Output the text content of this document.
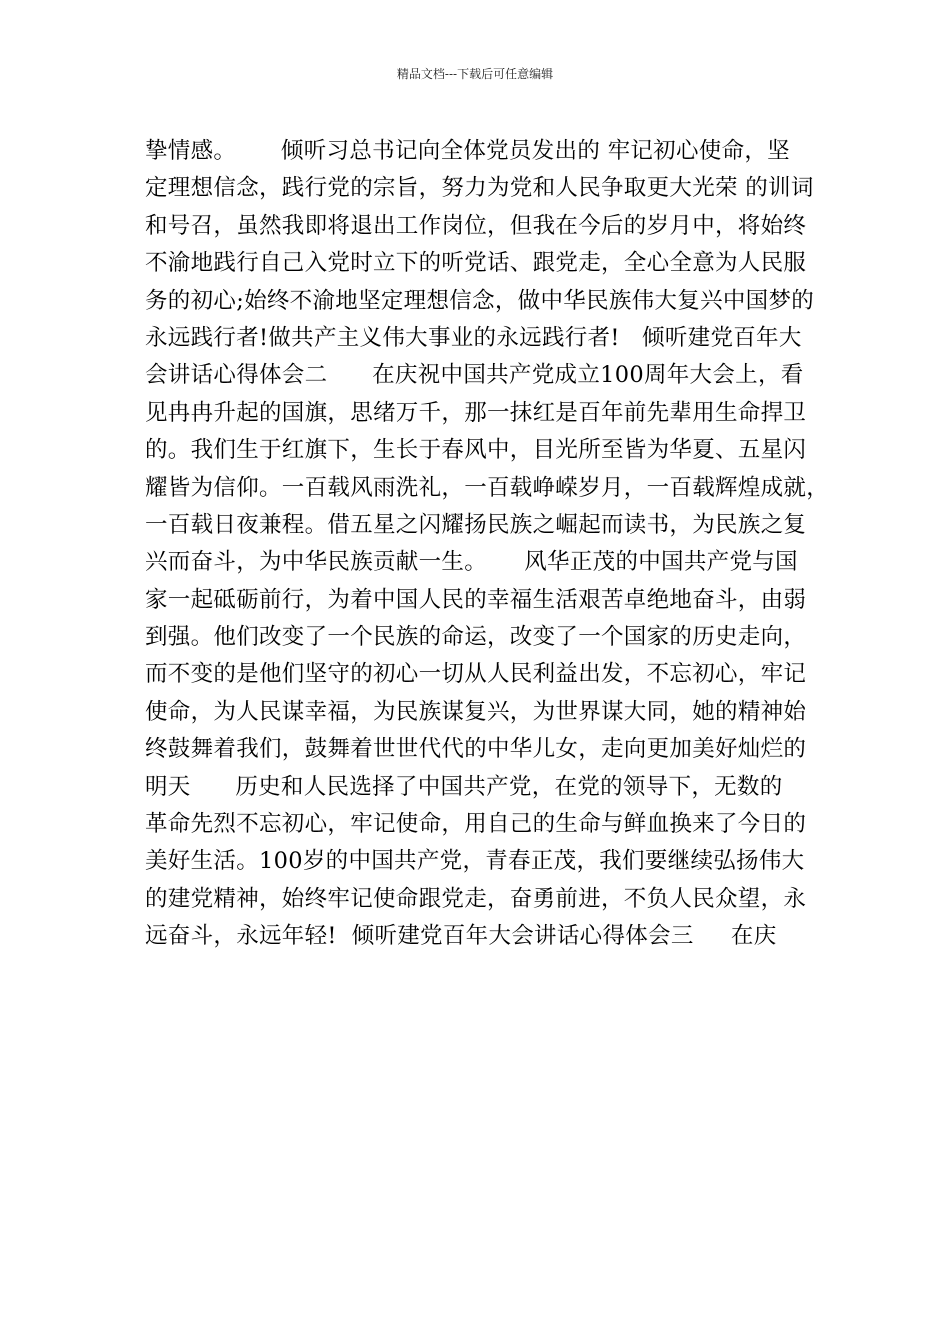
精品文档---下载后可任意编辑
挚情感。      倾听习总书记向全体党员发出的 牢记初心使命，坚
定理想信念，践行党的宗旨，努力为党和人民争取更大光荣 的训词
和号召，虽然我即将退出工作岗位，但我在今后的岁月中，将始终
不渝地践行自己入党时立下的听党话、跟党走，全心全意为人民服
务的初心;始终不渝地坚定理想信念，做中华民族伟大复兴中国梦的
永远践行者!做共产主义伟大事业的永远践行者!   倾听建党百年大
会讲话心得体会二      在庆祝中国共产党成立100周年大会上，看
见冉冉升起的国旗，思绪万千，那一抹红是百年前先辈用生命捍卫
的。我们生于红旗下，生长于春风中，目光所至皆为华夏、五星闪
耀皆为信仰。一百载风雨洗礼，一百载峥嵘岁月，一百载辉煌成就，
一百载日夜兼程。借五星之闪耀扬民族之崛起而读书，为民族之复
兴而奋斗，为中华民族贡献一生。     风华正茂的中国共产党与国
家一起砥砺前行，为着中国人民的幸福生活艰苦卓绝地奋斗，由弱
到强。他们改变了一个民族的命运，改变了一个国家的历史走向，
而不变的是他们坚守的初心一切从人民利益出发，不忘初心，牢记
使命，为人民谋幸福，为民族谋复兴，为世界谋大同，她的精神始
终鼓舞着我们，鼓舞着世世代代的中华儿女，走向更加美好灿烂的
明天      历史和人民选择了中国共产党，在党的领导下，无数的
革命先烈不忘初心，牢记使命，用自己的生命与鲜血换来了今日的
美好生活。100岁的中国共产党，青春正茂，我们要继续弘扬伟大
的建党精神，始终牢记使命跟党走，奋勇前进，不负人民众望，永
远奋斗，永远年轻!  倾听建党百年大会讲话心得体会三     在庆
